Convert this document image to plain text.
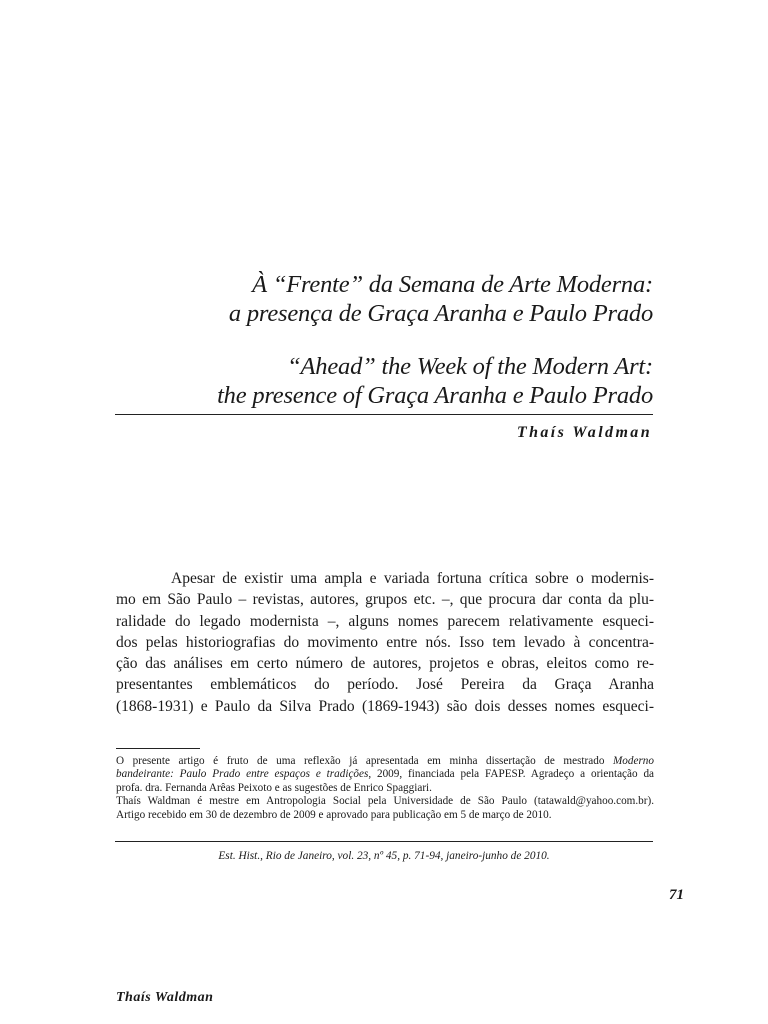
À “Frente” da Semana de Arte Moderna:

a presença de Graça Aranha e Paulo Prado

“Ahead” the Week of the Modern Art:

the presence of Graça Aranha e Paulo Prado

Thaís Waldman
Apesar de existir uma ampla e variada fortuna crítica sobre o modernis-
mo em São Paulo – revistas, autores, grupos etc. –, que procura dar conta da plu-
ralidade do legado modernista –, alguns nomes parecem relativamente esqueci-
dos pelas historiografias do movimento entre nós. Isso tem levado à concentra-
ção das análises em certo número de autores, projetos e obras, eleitos como re-
presentantes emblemáticos do período. José Pereira da Graça Aranha
(1868-1931) e Paulo da Silva Prado (1869-1943) são dois desses nomes esqueci-
O presente artigo é fruto de uma reflexão já apresentada em minha dissertação de mestrado Moderno
bandeirante: Paulo Prado entre espaços e tradições, 2009, financiada pela FAPESP. Agradeço a orientação da
profa. dra. Fernanda Arêas Peixoto e as sugestões de Enrico Spaggiari.
Thaís Waldman é mestre em Antropologia Social pela Universidade de São Paulo (tatawald@yahoo.com.br).
Artigo recebido em 30 de dezembro de 2009 e aprovado para publicação em 5 de março de 2010.
Est. Hist., Rio de Janeiro, vol. 23, nº 45, p. 71-94, janeiro-junho de 2010.
71
Thaís Waldman
